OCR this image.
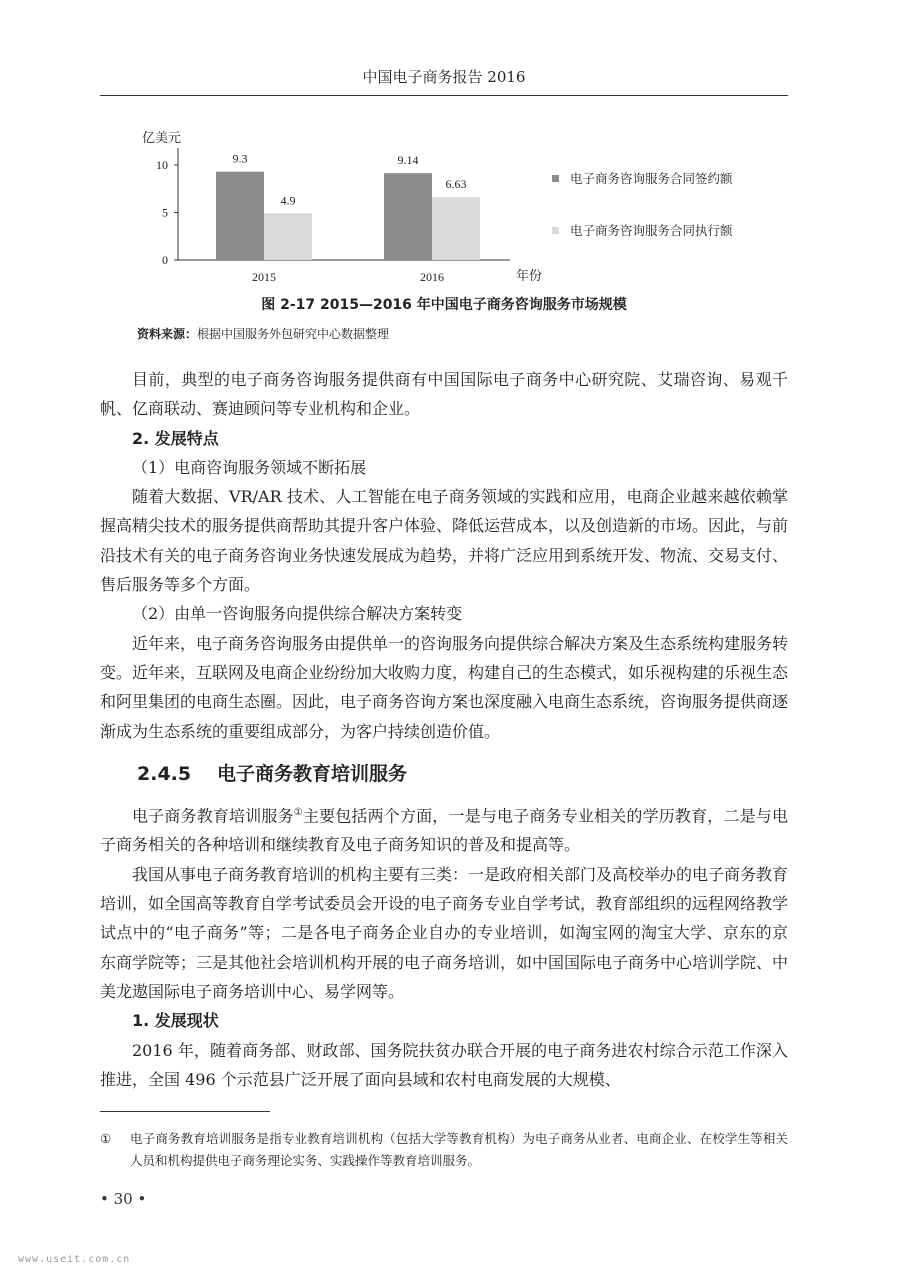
中国电子商务报告 2016
亿美元
年份
0
5
10	9.3
4.9
2015
9.14
6.63
2016
电子商务咨询服务合同签约额
电子商务咨询服务合同执行额
图 2-17 2015—2016 年中国电子商务咨询服务市场规模
资料来源：根据中国服务外包研究中心数据整理

目前，典型的电子商务咨询服务提供商有中国国际电子商务中心研究院、艾瑞咨询、易观千帆、亿商联动、赛迪顾问等专业机构和企业。

2. 发展特点

（1）电商咨询服务领域不断拓展

随着大数据、VR/AR 技术、人工智能在电子商务领域的实践和应用，电商企业越来越依赖掌握高精尖技术的服务提供商帮助其提升客户体验、降低运营成本，以及创造新的市场。因此，与前沿技术有关的电子商务咨询业务快速发展成为趋势，并将广泛应用到系统开发、物流、交易支付、售后服务等多个方面。

（2）由单一咨询服务向提供综合解决方案转变

近年来，电子商务咨询服务由提供单一的咨询服务向提供综合解决方案及生态系统构建服务转变。近年来，互联网及电商企业纷纷加大收购力度，构建自己的生态模式，如乐视构建的乐视生态和阿里集团的电商生态圈。因此，电子商务咨询方案也深度融入电商生态系统，咨询服务提供商逐渐成为生态系统的重要组成部分，为客户持续创造价值。

2.4.5 电子商务教育培训服务

电子商务教育培训服务①主要包括两个方面，一是与电子商务专业相关的学历教育，二是与电子商务相关的各种培训和继续教育及电子商务知识的普及和提高等。

我国从事电子商务教育培训的机构主要有三类：一是政府相关部门及高校举办的电子商务教育培训，如全国高等教育自学考试委员会开设的电子商务专业自学考试，教育部组织的远程网络教学试点中的“电子商务”等；二是各电子商务企业自办的专业培训，如淘宝网的淘宝大学、京东的京东商学院等；三是其他社会培训机构开展的电子商务培训，如中国国际电子商务中心培训学院、中美龙遨国际电子商务培训中心、易学网等。

1. 发展现状

2016 年，随着商务部、财政部、国务院扶贫办联合开展的电子商务进农村综合示范工作深入推进，全国 496 个示范县广泛开展了面向县域和农村电商发展的大规模、

① 电子商务教育培训服务是指专业教育培训机构（包括大学等教育机构）为电子商务从业者、电商企业、在校学生等相关人员和机构提供电子商务理论实务、实践操作等教育培训服务。
• 30 •
www.useit.com.cn
